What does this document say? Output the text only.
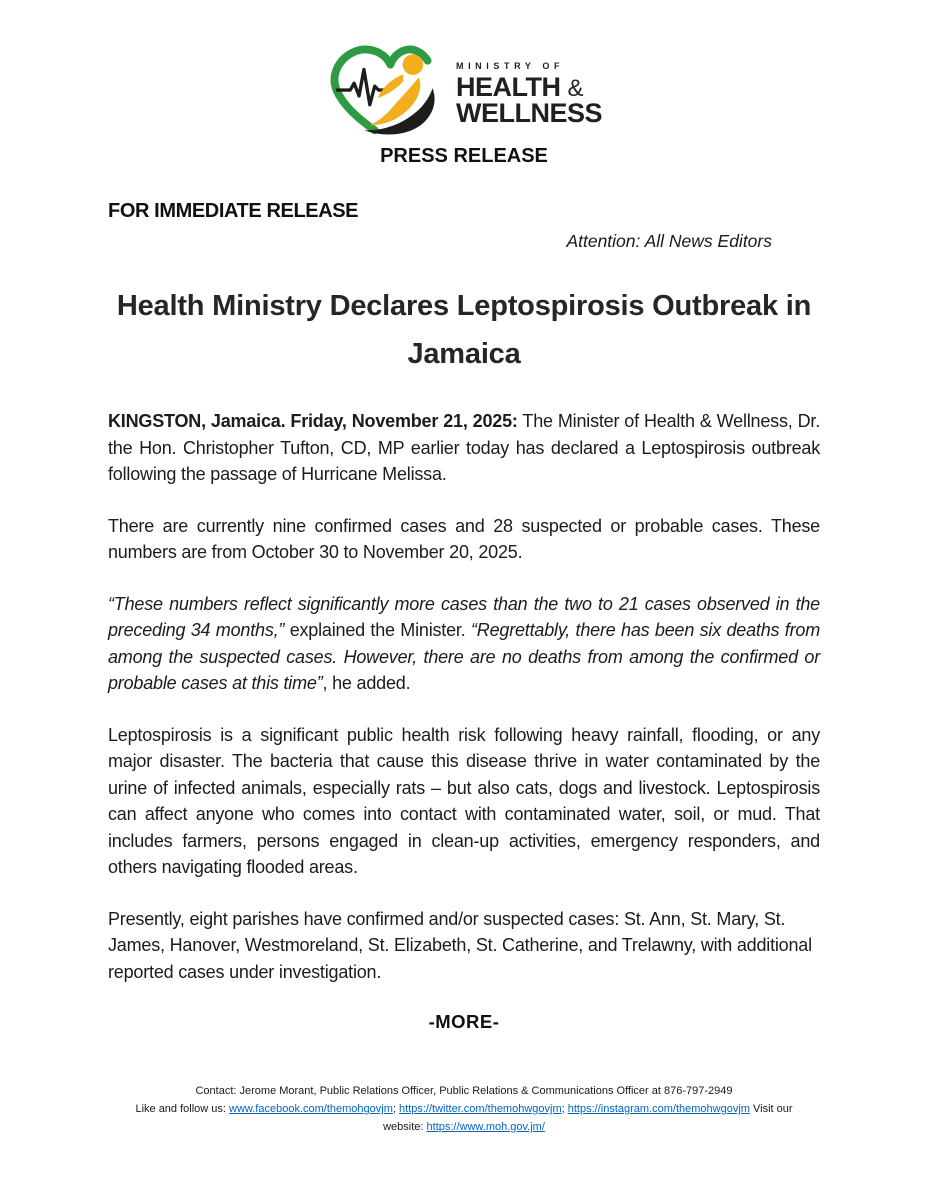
MINISTRY OF
HEALTH &
WELLNESS
PRESS RELEASE
FOR IMMEDIATE RELEASE
Attention: All News Editors
Health Ministry Declares Leptospirosis Outbreak in Jamaica

KINGSTON, Jamaica. Friday, November 21, 2025: The Minister of Health & Wellness, Dr. the Hon. Christopher Tufton, CD, MP earlier today has declared a Leptospirosis outbreak following the passage of Hurricane Melissa.

There are currently nine confirmed cases and 28 suspected or probable cases. These numbers are from October 30 to November 20, 2025.

“These numbers reflect significantly more cases than the two to 21 cases observed in the preceding 34 months,” explained the Minister. “Regrettably, there has been six deaths from among the suspected cases. However, there are no deaths from among the confirmed or probable cases at this time”, he added.

Leptospirosis is a significant public health risk following heavy rainfall, flooding, or any major disaster. The bacteria that cause this disease thrive in water contaminated by the urine of infected animals, especially rats – but also cats, dogs and livestock. Leptospirosis can affect anyone who comes into contact with contaminated water, soil, or mud. That includes farmers, persons engaged in clean-up activities, emergency responders, and others navigating flooded areas.

Presently, eight parishes have confirmed and/or suspected cases: St. Ann, St. Mary, St. James, Hanover, Westmoreland, St. Elizabeth, St. Catherine, and Trelawny, with additional reported cases under investigation.

-MORE-
Contact: Jerome Morant, Public Relations Officer, Public Relations & Communications Officer at 876-797-2949
Like and follow us: www.facebook.com/themohgovjm; https://twitter.com/themohwgovjm; https://instagram.com/themohwgovjm Visit our
website: https://www.moh.gov.jm/
